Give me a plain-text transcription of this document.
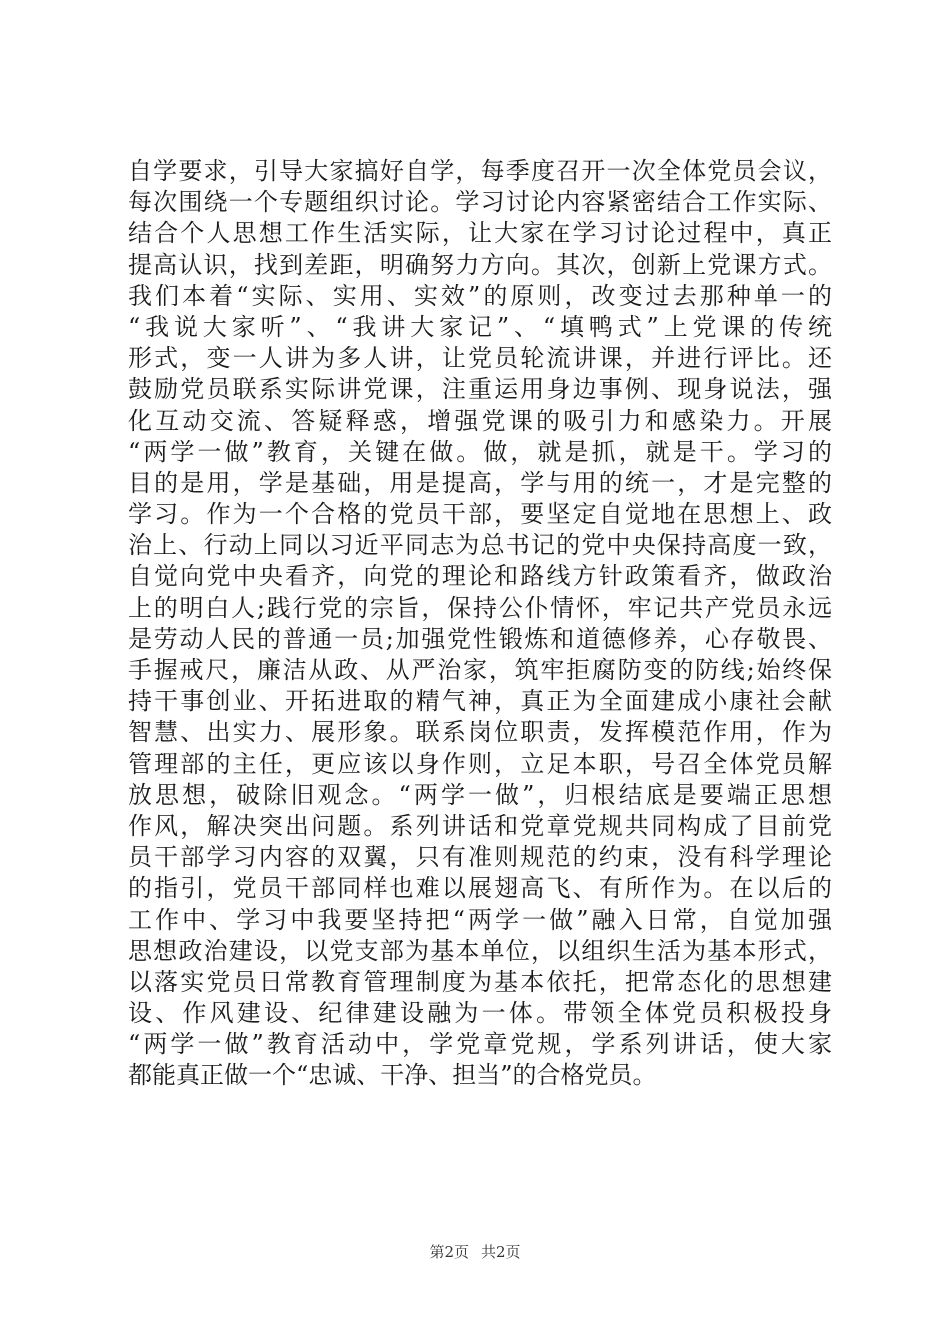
自学要求，引导大家搞好自学，每季度召开一次全体党员会议，
每次围绕一个专题组织讨论。学习讨论内容紧密结合工作实际、
结合个人思想工作生活实际，让大家在学习讨论过程中，真正
提高认识，找到差距，明确努力方向。其次，创新上党课方式。
我们本着“实际、实用、实效”的原则，改变过去那种单一的
“我说大家听”、“我讲大家记”、“填鸭式”上党课的传统
形式，变一人讲为多人讲，让党员轮流讲课，并进行评比。还
鼓励党员联系实际讲党课，注重运用身边事例、现身说法，强
化互动交流、答疑释惑，增强党课的吸引力和感染力。开展
“两学一做”教育，关键在做。做，就是抓，就是干。学习的
目的是用，学是基础，用是提高，学与用的统一，才是完整的
学习。作为一个合格的党员干部，要坚定自觉地在思想上、政
治上、行动上同以习近平同志为总书记的党中央保持高度一致，
自觉向党中央看齐，向党的理论和路线方针政策看齐，做政治
上的明白人;践行党的宗旨，保持公仆情怀，牢记共产党员永远
是劳动人民的普通一员;加强党性锻炼和道德修养，心存敬畏、
手握戒尺，廉洁从政、从严治家，筑牢拒腐防变的防线;始终保
持干事创业、开拓进取的精气神，真正为全面建成小康社会献
智慧、出实力、展形象。联系岗位职责，发挥模范作用，作为
管理部的主任，更应该以身作则，立足本职，号召全体党员解
放思想，破除旧观念。“两学一做”，归根结底是要端正思想
作风，解决突出问题。系列讲话和党章党规共同构成了目前党
员干部学习内容的双翼，只有准则规范的约束，没有科学理论
的指引，党员干部同样也难以展翅高飞、有所作为。在以后的
工作中、学习中我要坚持把“两学一做”融入日常，自觉加强
思想政治建设，以党支部为基本单位，以组织生活为基本形式，
以落实党员日常教育管理制度为基本依托，把常态化的思想建
设、作风建设、纪律建设融为一体。带领全体党员积极投身
“两学一做”教育活动中，学党章党规，学系列讲话，使大家
都能真正做一个“忠诚、干净、担当”的合格党员。
第2页 共2页
